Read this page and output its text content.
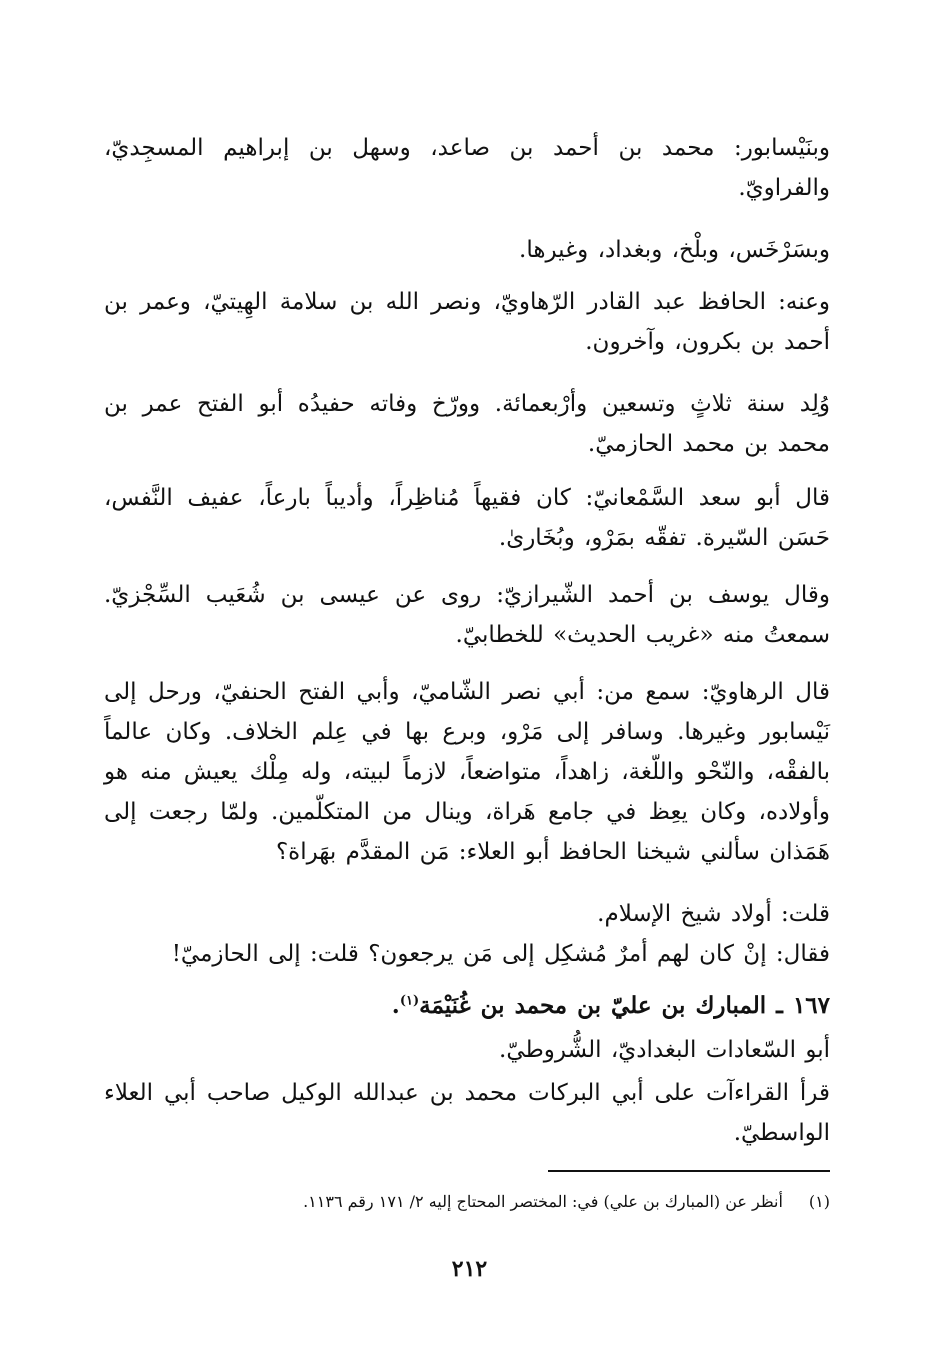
وبنَيْسابور: محمد بن أحمد بن صاعد، وسهل بن إبراهيم المسجِديّ، والفراويّ.

وبسَرْخَس، وبلْخ، وبغداد، وغيرها.

وعنه: الحافظ عبد القادر الرّهاويّ، ونصر الله بن سلامة الهِيتيّ، وعمر بن أحمد بن بكرون، وآخرون.

وُلِد سنة ثلاثٍ وتسعين وأرْبعمائة. وورّخ وفاته حفيدُه أبو الفتح عمر بن محمد بن محمد الحازميّ.

قال أبو سعد السَّمْعانيّ: كان فقيهاً مُناظِراً، وأديباً بارعاً، عفيف النَّفس، حَسَن السّيرة. تفقّه بمَرْو، وبُخَارىٰ.

وقال يوسف بن أحمد الشّيرازيّ: روى عن عيسى بن شُعَيب السِّجْزيّ. سمعتُ منه «غريب الحديث» للخطابيّ.

قال الرهاويّ: سمع من: أبي نصر الشّاميّ، وأبي الفتح الحنفيّ، ورحل إلى نَيْسابور وغيرها. وسافر إلى مَرْو، وبرع بها في عِلم الخلاف. وكان عالماً بالفقْه، والنّحْو واللّغة، زاهداً، متواضعاً، لازماً لبيته، وله مِلْك يعيش منه هو وأولاده، وكان يعِظ في جامع هَراة، وينال من المتكلّمين. ولمّا رجعت إلى هَمَذان سألني شيخنا الحافظ أبو العلاء: مَن المقدَّم بهَراة؟

قلت: أولاد شيخ الإسلام.

فقال: إنْ كان لهم أمرٌ مُشكِل إلى مَن يرجعون؟ قلت: إلى الحازميّ!

١٦٧ ـ المبارك بن عليّ بن محمد بن غُنَيْمَة$^{(١)}$.

أبو السّعادات البغداديّ، الشُّروطيّ.

قرأ القراءآت على أبي البركات محمد بن عبدالله الوكيل صاحب أبي العلاء الواسطيّ.

(١)أنظر عن (المبارك بن علي) في: المختصر المحتاج إليه ٢/ ١٧١ رقم ١١٣٦.
٢١٢
